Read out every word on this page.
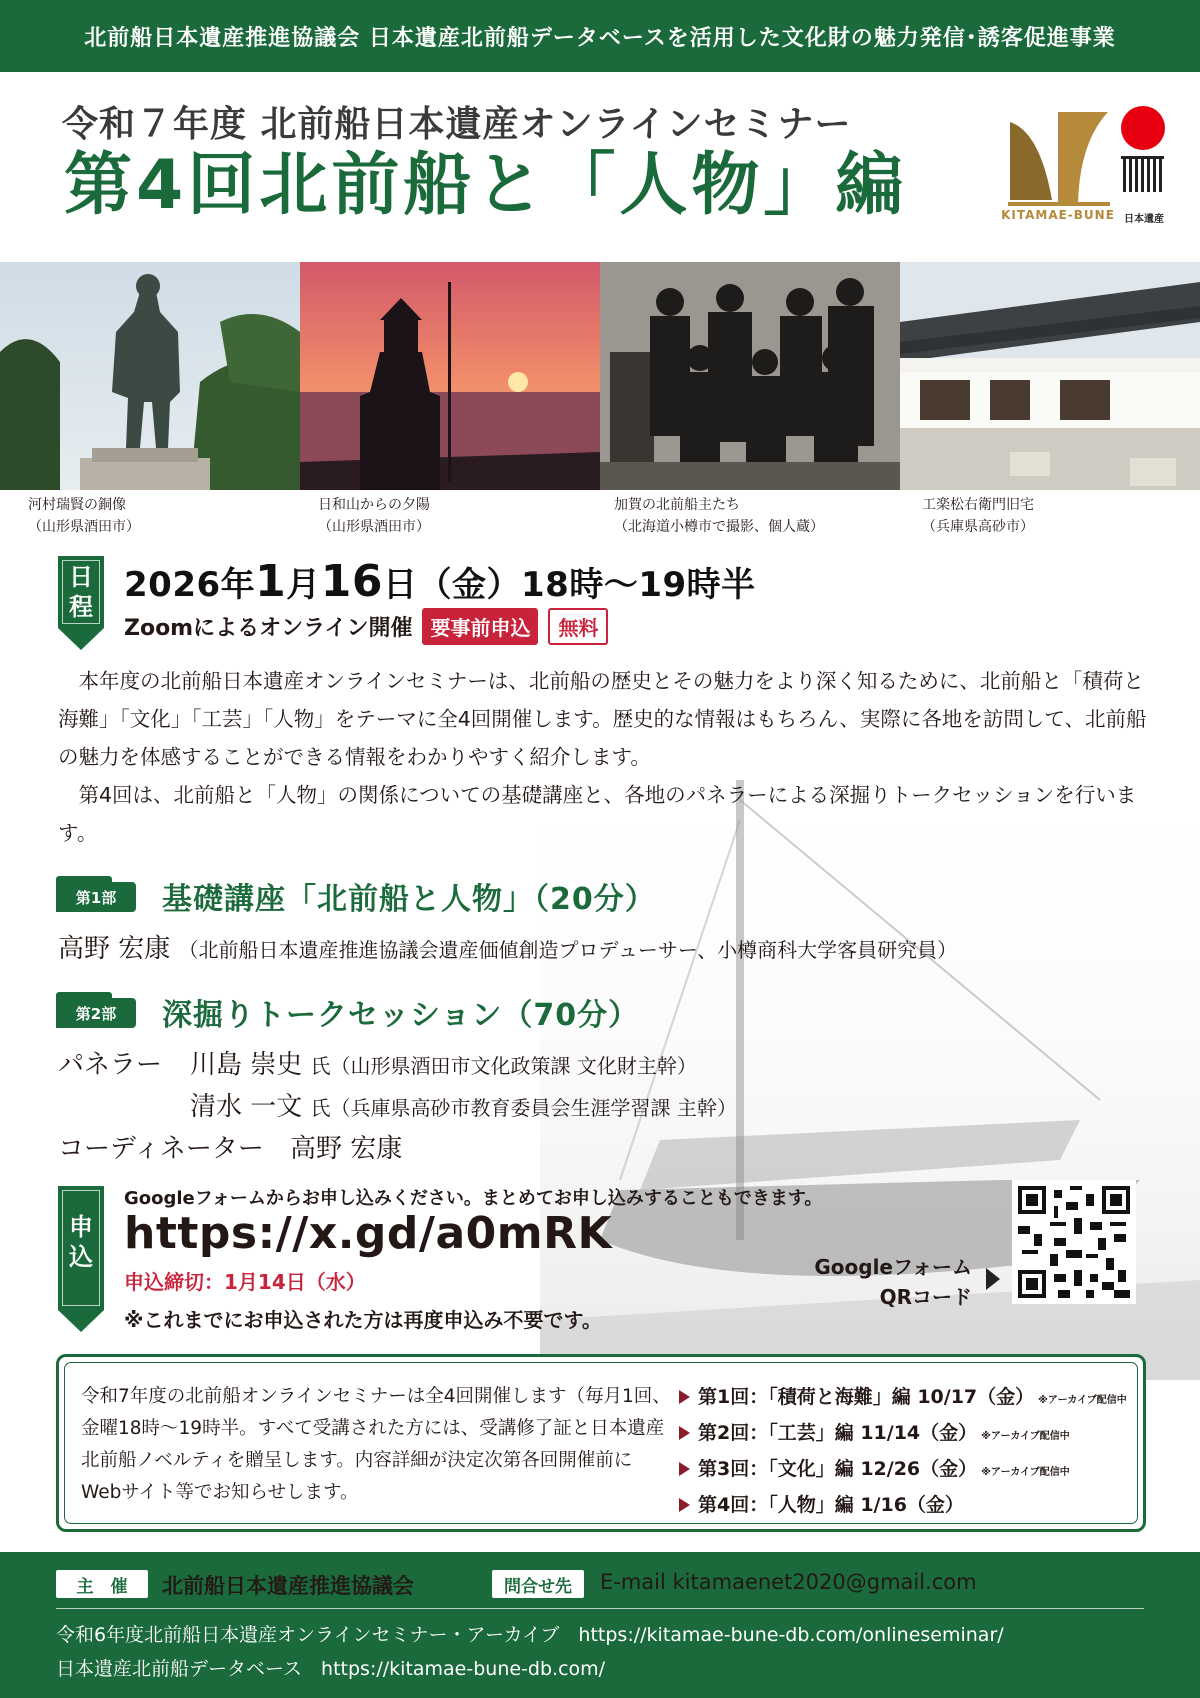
北前船日本遺産推進協議会 日本遺産北前船データベースを活用した文化財の魅力発信･誘客促進事業
令和７年度 北前船日本遺産オンラインセミナー
第4回北前船と「人物」編	KITAMAE-BUNE 日本遺産
河村瑞賢の銅像
（山形県酒田市）
日和山からの夕陽
（山形県酒田市）
加賀の北前船主たち
（北海道小樽市で撮影、個人蔵）
工楽松右衛門旧宅
（兵庫県高砂市）
日
程
2026年1月16日（金）18時～19時半
Zoomによるオンライン開催 要事前申込	無料

本年度の北前船日本遺産オンラインセミナーは、北前船の歴史とその魅力をより深く知るために、北前船と「積荷と海難」「文化」「工芸」「人物」をテーマに全4回開催します。歴史的な情報はもちろん、実際に各地を訪問して、北前船の魅力を体感することができる情報をわかりやすく紹介します。

第4回は、北前船と「人物」の関係についての基礎講座と、各地のパネラーによる深掘りトークセッションを行います。

第1部	基礎講座「北前船と人物」（20分）
高野 宏康 （北前船日本遺産推進協議会遺産価値創造プロデューサー、小樽商科大学客員研究員）
第2部	深掘りトークセッション（70分）
パネラー 川島 崇史 氏（山形県酒田市文化政策課 文化財主幹）
清水 一文 氏（兵庫県高砂市教育委員会生涯学習課 主幹）
コーディネーター　 高野 宏康
申
込
Googleフォームからお申し込みください。まとめてお申し込みすることもできます。
https://x.gd/a0mRK
申込締切：1月14日（水）
※これまでにお申込された方は再度申込み不要です。
Googleフォーム
QRコード
令和7年度の北前船オンラインセミナーは全4回開催します（毎月1回、金曜18時～19時半。すべて受講された方には、受講修了証と日本遺産北前船ノベルティを贈呈します。内容詳細が決定次第各回開催前にWebサイト等でお知らせします。
第1回：「積荷と海難」編 10/17（金） ※アーカイブ配信中
第2回：「工芸」編 11/14（金） ※アーカイブ配信中
第3回：「文化」編 12/26（金） ※アーカイブ配信中
第4回：「人物」編 1/16（金）
主　催	北前船日本遺産推進協議会	問合せ先	E-mail kitamaenet2020@gmail.com
令和6年度北前船日本遺産オンラインセミナー・アーカイブ　https://kitamae-bune-db.com/onlineseminar/
日本遺産北前船データベース　https://kitamae-bune-db.com/
